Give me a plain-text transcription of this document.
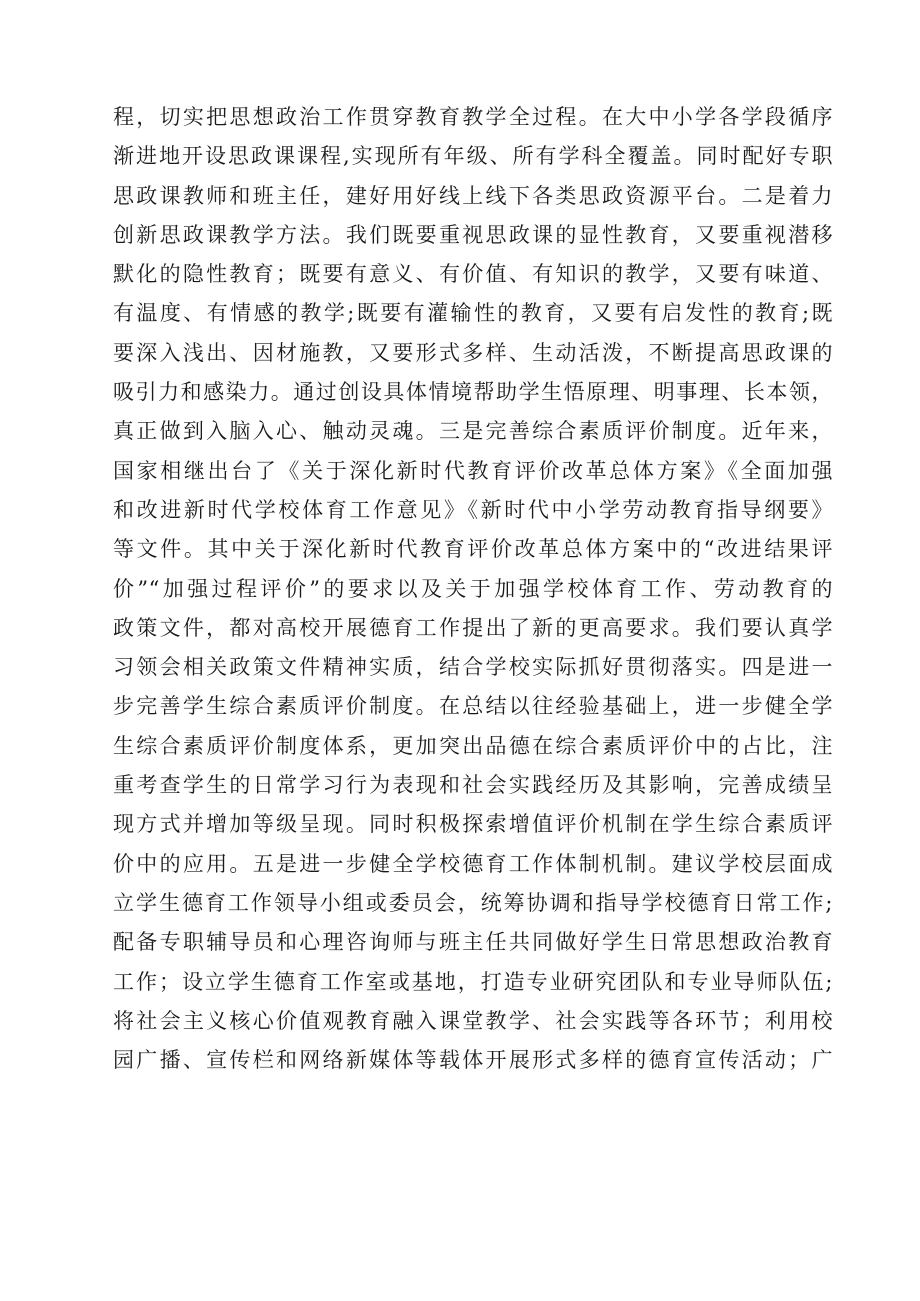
程，切实把思想政治工作贯穿教育教学全过程。在大中小学各学段循序
渐进地开设思政课课程,实现所有年级、所有学科全覆盖。同时配好专职
思政课教师和班主任，建好用好线上线下各类思政资源平台。二是着力
创新思政课教学方法。我们既要重视思政课的显性教育，又要重视潜移
默化的隐性教育；既要有意义、有价值、有知识的教学，又要有味道、
有温度、有情感的教学;既要有灌输性的教育，又要有启发性的教育;既
要深入浅出、因材施教，又要形式多样、生动活泼，不断提高思政课的
吸引力和感染力。通过创设具体情境帮助学生悟原理、明事理、长本领，
真正做到入脑入心、触动灵魂。三是完善综合素质评价制度。近年来，
国家相继出台了《关于深化新时代教育评价改革总体方案》《全面加强
和改进新时代学校体育工作意见》《新时代中小学劳动教育指导纲要》
等文件。其中关于深化新时代教育评价改革总体方案中的“改进结果评
价”“加强过程评价”的要求以及关于加强学校体育工作、劳动教育的
政策文件，都对高校开展德育工作提出了新的更高要求。我们要认真学
习领会相关政策文件精神实质，结合学校实际抓好贯彻落实。四是进一
步完善学生综合素质评价制度。在总结以往经验基础上，进一步健全学
生综合素质评价制度体系，更加突出品德在综合素质评价中的占比，注
重考查学生的日常学习行为表现和社会实践经历及其影响，完善成绩呈
现方式并增加等级呈现。同时积极探索增值评价机制在学生综合素质评
价中的应用。五是进一步健全学校德育工作体制机制。建议学校层面成
立学生德育工作领导小组或委员会，统筹协调和指导学校德育日常工作;
配备专职辅导员和心理咨询师与班主任共同做好学生日常思想政治教育
工作；设立学生德育工作室或基地，打造专业研究团队和专业导师队伍;
将社会主义核心价值观教育融入课堂教学、社会实践等各环节；利用校
园广播、宣传栏和网络新媒体等载体开展形式多样的德育宣传活动；广
